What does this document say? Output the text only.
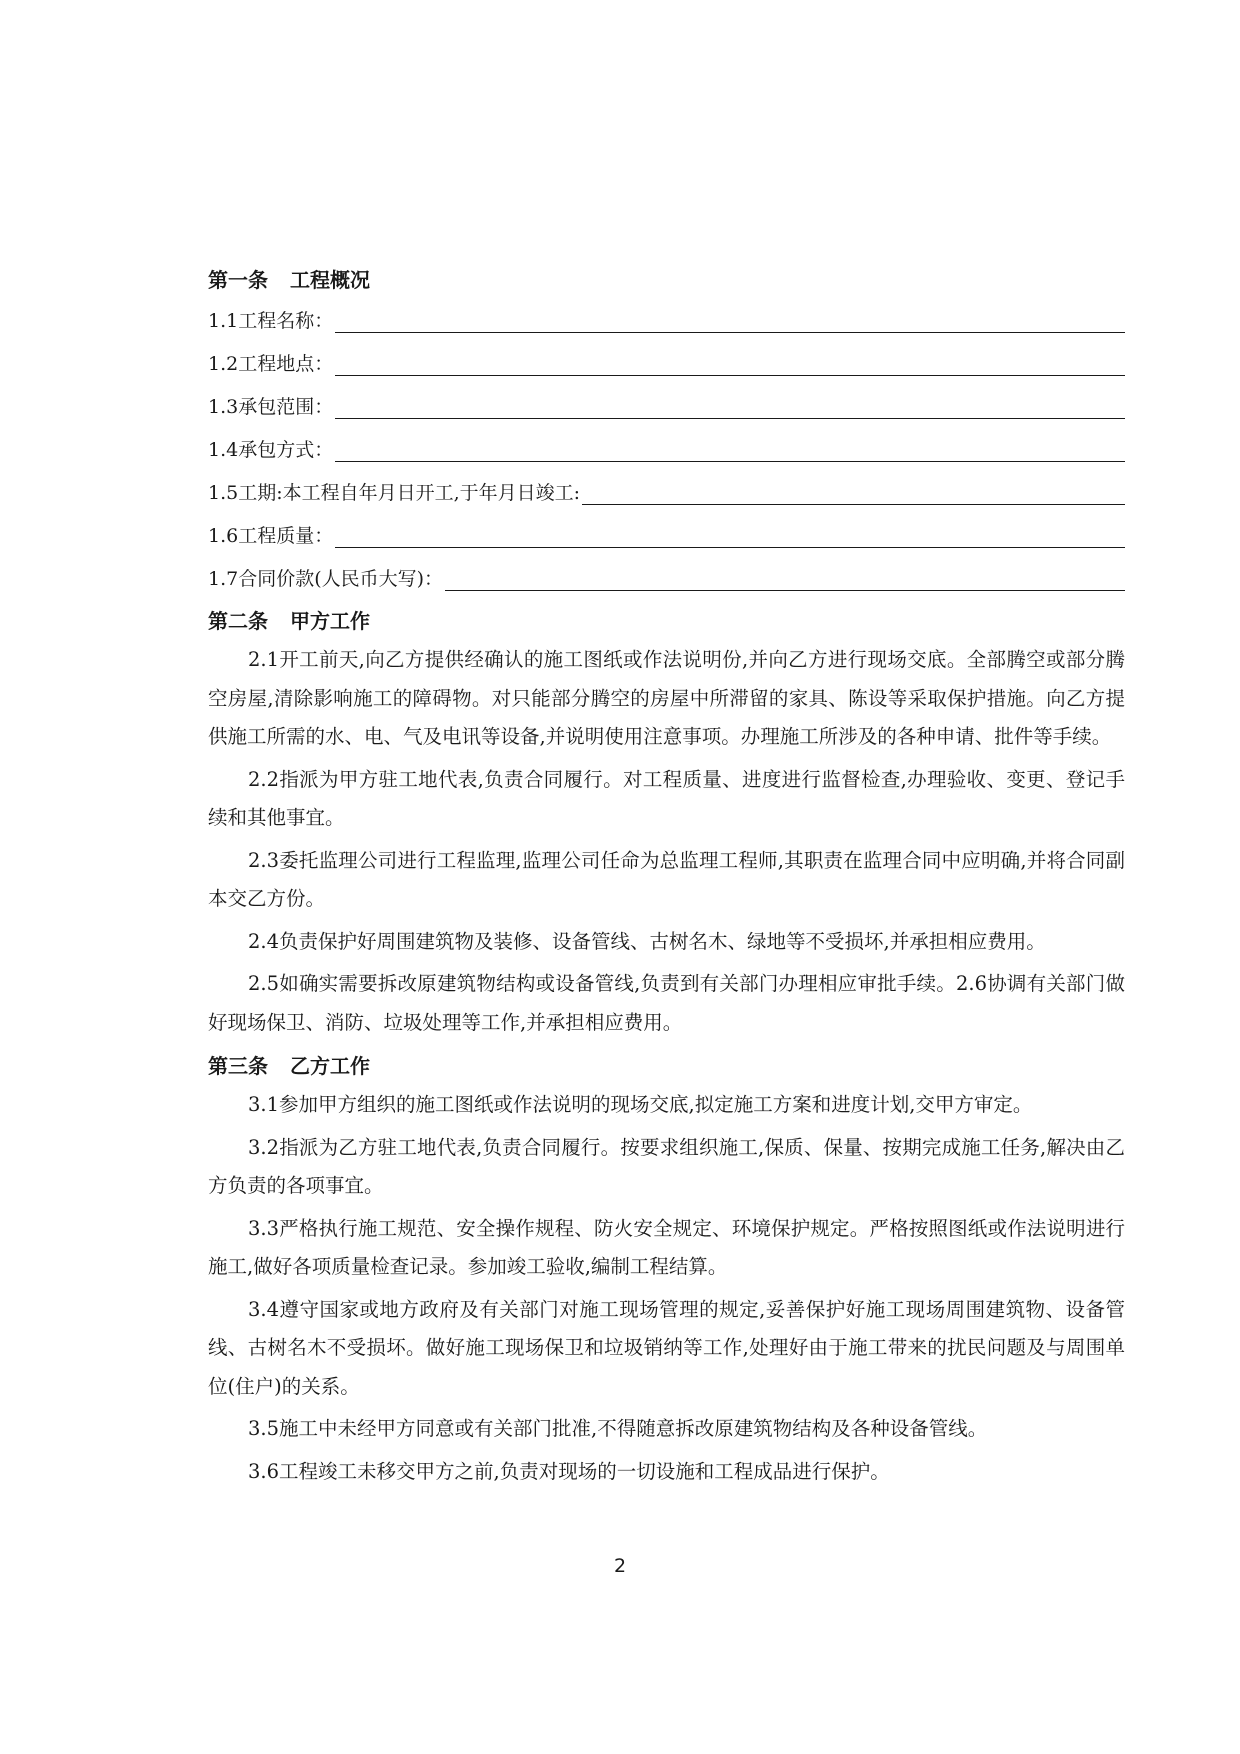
第一条 工程概况
1.1工程名称：
1.2工程地点：
1.3承包范围：
1.4承包方式：
1.5工期:本工程自年月日开工,于年月日竣工:
1.6工程质量：
1.7合同价款(人民币大写)：
第二条 甲方工作

2.1开工前天,向乙方提供经确认的施工图纸或作法说明份,并向乙方进行现场交底。全部腾空或部分腾空房屋,清除影响施工的障碍物。对只能部分腾空的房屋中所滞留的家具、陈设等采取保护措施。向乙方提供施工所需的水、电、气及电讯等设备,并说明使用注意事项。办理施工所涉及的各种申请、批件等手续。

2.2指派为甲方驻工地代表,负责合同履行。对工程质量、进度进行监督检查,办理验收、变更、登记手续和其他事宜。

2.3委托监理公司进行工程监理,监理公司任命为总监理工程师,其职责在监理合同中应明确,并将合同副本交乙方份。

2.4负责保护好周围建筑物及装修、设备管线、古树名木、绿地等不受损坏,并承担相应费用。

2.5如确实需要拆改原建筑物结构或设备管线,负责到有关部门办理相应审批手续。2.6协调有关部门做好现场保卫、消防、垃圾处理等工作,并承担相应费用。

第三条 乙方工作

3.1参加甲方组织的施工图纸或作法说明的现场交底,拟定施工方案和进度计划,交甲方审定。

3.2指派为乙方驻工地代表,负责合同履行。按要求组织施工,保质、保量、按期完成施工任务,解决由乙方负责的各项事宜。

3.3严格执行施工规范、安全操作规程、防火安全规定、环境保护规定。严格按照图纸或作法说明进行施工,做好各项质量检查记录。参加竣工验收,编制工程结算。

3.4遵守国家或地方政府及有关部门对施工现场管理的规定,妥善保护好施工现场周围建筑物、设备管线、古树名木不受损坏。做好施工现场保卫和垃圾销纳等工作,处理好由于施工带来的扰民问题及与周围单位(住户)的关系。

3.5施工中未经甲方同意或有关部门批准,不得随意拆改原建筑物结构及各种设备管线。

3.6工程竣工未移交甲方之前,负责对现场的一切设施和工程成品进行保护。

2
